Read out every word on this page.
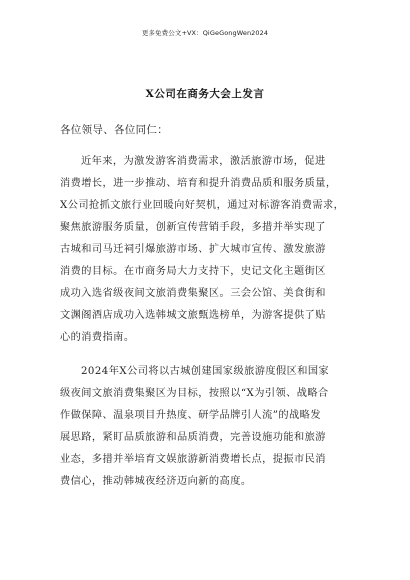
更多免费公文+VX：QiGeGongWen2024
X公司在商务大会上发言
各位领导、各位同仁：
近年来，为激发游客消费需求，激活旅游市场，促进
消费增长，进一步推动、培育和提升消费品质和服务质量，
X公司抢抓文旅行业回暖向好契机，通过对标游客消费需求，
聚焦旅游服务质量，创新宣传营销手段，多措并举实现了
古城和司马迁祠引爆旅游市场、扩大城市宣传、激发旅游
消费的目标。在市商务局大力支持下，史记文化主题街区
成功入选省级夜间文旅消费集聚区。三会公馆、美食街和
文渊阁酒店成功入选韩城文旅甄选榜单，为游客提供了贴
心的消费指南。
2024年X公司将以古城创建国家级旅游度假区和国家
级夜间文旅消费集聚区为目标，按照以“X为引领、战略合
作做保障、温泉项目升热度、研学品牌引人流”的战略发
展思路，紧盯品质旅游和品质消费，完善设施功能和旅游
业态，多措并举培育文娱旅游新消费增长点，提振市民消
费信心，推动韩城夜经济迈向新的高度。
